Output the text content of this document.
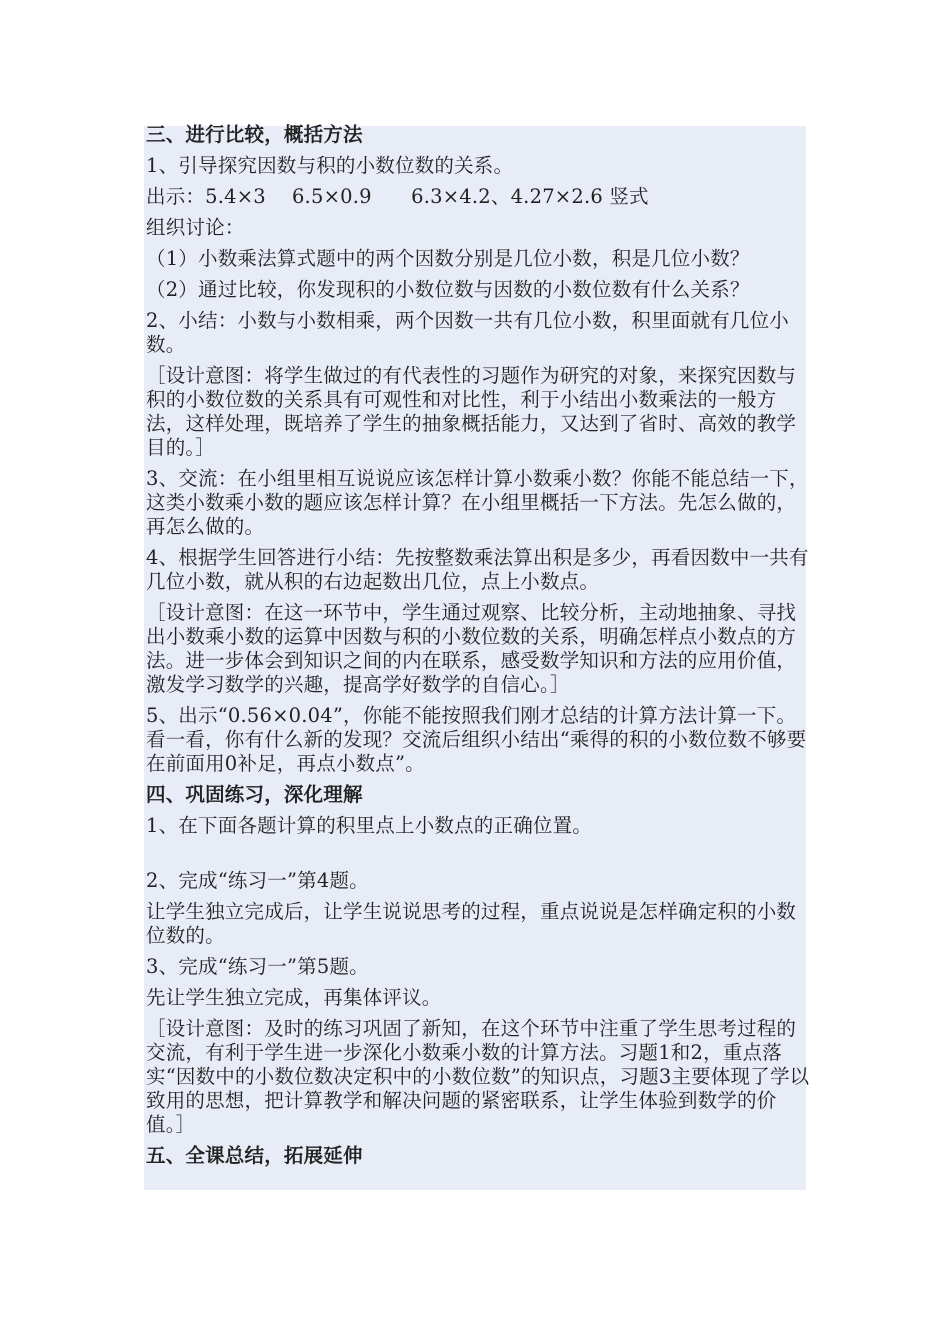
三、进行比较，概括方法

1、引导探究因数与积的小数位数的关系。

出示：5.4×3　 6.5×0.9　　6.3×4.2、4.27×2.6 竖式

组织讨论：

（1）小数乘法算式题中的两个因数分别是几位小数，积是几位小数？

（2）通过比较，你发现积的小数位数与因数的小数位数有什么关系？

2、小结：小数与小数相乘，两个因数一共有几位小数，积里面就有几位小数。

［设计意图：将学生做过的有代表性的习题作为研究的对象，来探究因数与积的小数位数的关系具有可观性和对比性，利于小结出小数乘法的一般方法，这样处理，既培养了学生的抽象概括能力，又达到了省时、高效的教学目的。］

3、交流：在小组里相互说说应该怎样计算小数乘小数？你能不能总结一下，这类小数乘小数的题应该怎样计算？在小组里概括一下方法。先怎么做的，再怎么做的。

4、根据学生回答进行小结：先按整数乘法算出积是多少，再看因数中一共有几位小数，就从积的右边起数出几位，点上小数点。

［设计意图：在这一环节中，学生通过观察、比较分析，主动地抽象、寻找出小数乘小数的运算中因数与积的小数位数的关系，明确怎样点小数点的方法。进一步体会到知识之间的内在联系，感受数学知识和方法的应用价值，激发学习数学的兴趣，提高学好数学的自信心。］

5、出示“0.56×0.04”，你能不能按照我们刚才总结的计算方法计算一下。看一看，你有什么新的发现？交流后组织小结出“乘得的积的小数位数不够要在前面用0补足，再点小数点”。

四、巩固练习，深化理解

1、在下面各题计算的积里点上小数点的正确位置。

2、完成“练习一”第4题。

让学生独立完成后，让学生说说思考的过程，重点说说是怎样确定积的小数位数的。

3、完成“练习一”第5题。

先让学生独立完成，再集体评议。

［设计意图：及时的练习巩固了新知，在这个环节中注重了学生思考过程的交流，有利于学生进一步深化小数乘小数的计算方法。习题1和2，重点落实“因数中的小数位数决定积中的小数位数”的知识点，习题3主要体现了学以致用的思想，把计算教学和解决问题的紧密联系，让学生体验到数学的价值。］

五、全课总结，拓展延伸
